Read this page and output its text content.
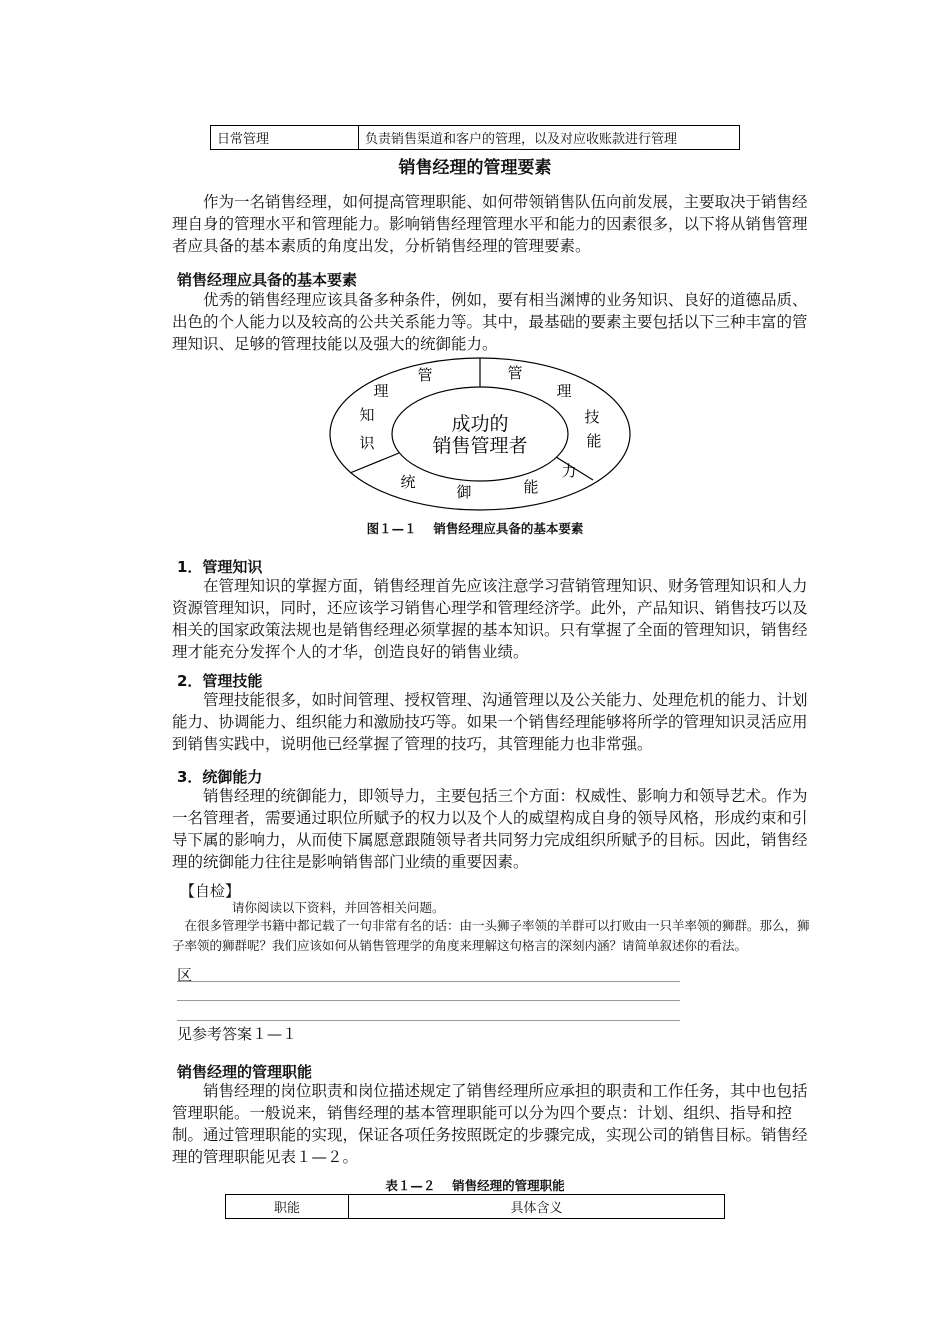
日常管理	负责销售渠道和客户的管理，以及对应收账款进行管理
销售经理的管理要素

作为一名销售经理，如何提高管理职能、如何带领销售队伍向前发展，主要取决于销售经理自身的管理水平和管理能力。影响销售经理管理水平和能力的因素很多，以下将从销售管理者应具备的基本素质的角度出发，分析销售经理的管理要素。

销售经理应具备的基本要素

优秀的销售经理应该具备多种条件，例如，要有相当渊博的业务知识、良好的道德品质、出色的个人能力以及较高的公共关系能力等。其中，最基础的要素主要包括以下三种丰富的管理知识、足够的管理技能以及强大的统御能力。

成功的
销售管理者
管
理
知
识
管
理
技
能
力
统
御	能
图１—１　 销售经理应具备的基本要素
1．管理知识

在管理知识的掌握方面，销售经理首先应该注意学习营销管理知识、财务管理知识和人力资源管理知识，同时，还应该学习销售心理学和管理经济学。此外，产品知识、销售技巧以及相关的国家政策法规也是销售经理必须掌握的基本知识。只有掌握了全面的管理知识，销售经理才能充分发挥个人的才华，创造良好的销售业绩。

2．管理技能

管理技能很多，如时间管理、授权管理、沟通管理以及公关能力、处理危机的能力、计划能力、协调能力、组织能力和激励技巧等。如果一个销售经理能够将所学的管理知识灵活应用到销售实践中，说明他已经掌握了管理的技巧，其管理能力也非常强。

3．统御能力

销售经理的统御能力，即领导力，主要包括三个方面：权威性、影响力和领导艺术。作为一名管理者，需要通过职位所赋予的权力以及个人的威望构成自身的领导风格，形成约束和引导下属的影响力，从而使下属愿意跟随领导者共同努力完成组织所赋予的目标。因此，销售经理的统御能力往往是影响销售部门业绩的重要因素。

【自检】
请你阅读以下资料，并回答相关问题。
在很多管理学书籍中都记载了一句非常有名的话：由一头狮子率领的羊群可以打败由一只羊率领的狮群。那么，狮子率领的狮群呢？我们应该如何从销售管理学的角度来理解这句格言的深刻内涵？请简单叙述你的看法。
区
见参考答案１—１
销售经理的管理职能

销售经理的岗位职责和岗位描述规定了销售经理所应承担的职责和工作任务，其中也包括管理职能。一般说来，销售经理的基本管理职能可以分为四个要点：计划、组织、指导和控制。通过管理职能的实现，保证各项任务按照既定的步骤完成，实现公司的销售目标。销售经理的管理职能见表１—２。

表１—２　 销售经理的管理职能
职能	具体含义
